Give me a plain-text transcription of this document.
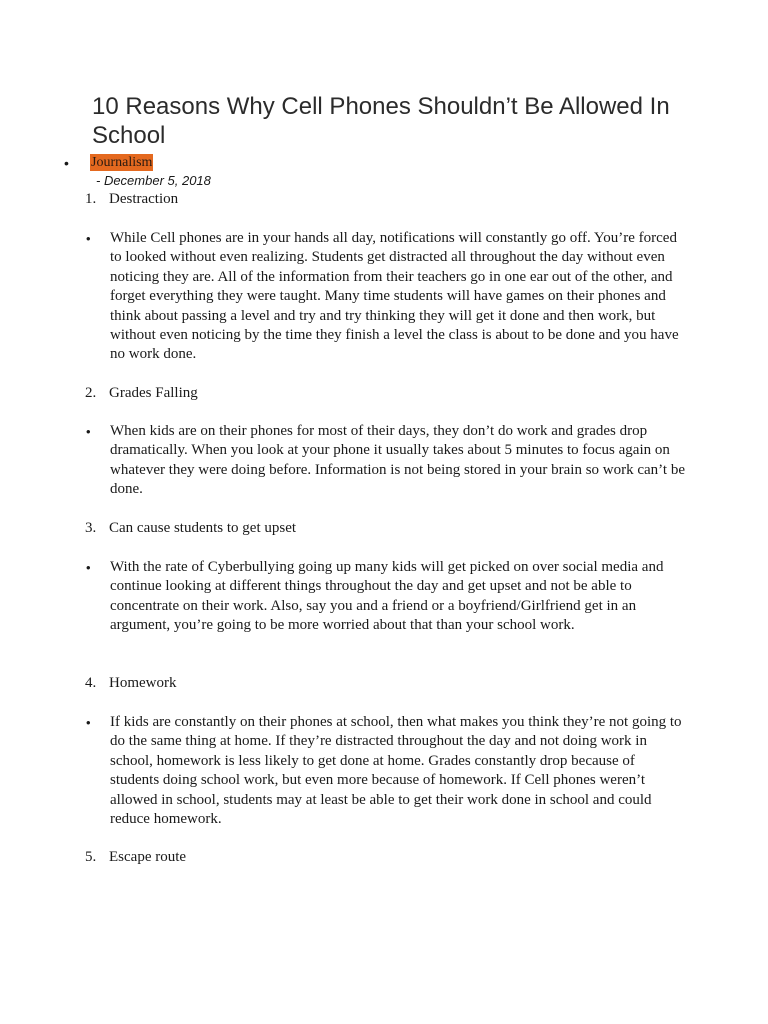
10 Reasons Why Cell Phones Shouldn’t Be Allowed In School
• Journalism
- December 5, 2018
1. Destraction
• While Cell phones are in your hands all day, notifications will constantly go off. You’re forced to looked without even realizing. Students get distracted all throughout the day without even noticing they are. All of the information from their teachers go in one ear out of the other, and forget everything they were taught. Many time students will have games on their phones and think about passing a level and try and try thinking they will get it done and then work, but without even noticing by the time they finish a level the class is about to be done and you have no work done.
2. Grades Falling
• When kids are on their phones for most of their days, they don’t do work and grades drop dramatically. When you look at your phone it usually takes about 5 minutes to focus again on whatever they were doing before. Information is not being stored in your brain so work can’t be done.
3. Can cause students to get upset
• With the rate of Cyberbullying going up many kids will get picked on over social media and continue looking at different things throughout the day and get upset and not be able to concentrate on their work. Also, say you and a friend or a boyfriend/Girlfriend get in an argument, you’re going to be more worried about that than your school work.
4. Homework
• If kids are constantly on their phones at school, then what makes you think they’re not going to do the same thing at home. If they’re distracted throughout the day and not doing work in school, homework is less likely to get done at home. Grades constantly drop because of students doing school work, but even more because of homework. If Cell phones weren’t allowed in school, students may at least be able to get their work done in school and could reduce homework.
5. Escape route
